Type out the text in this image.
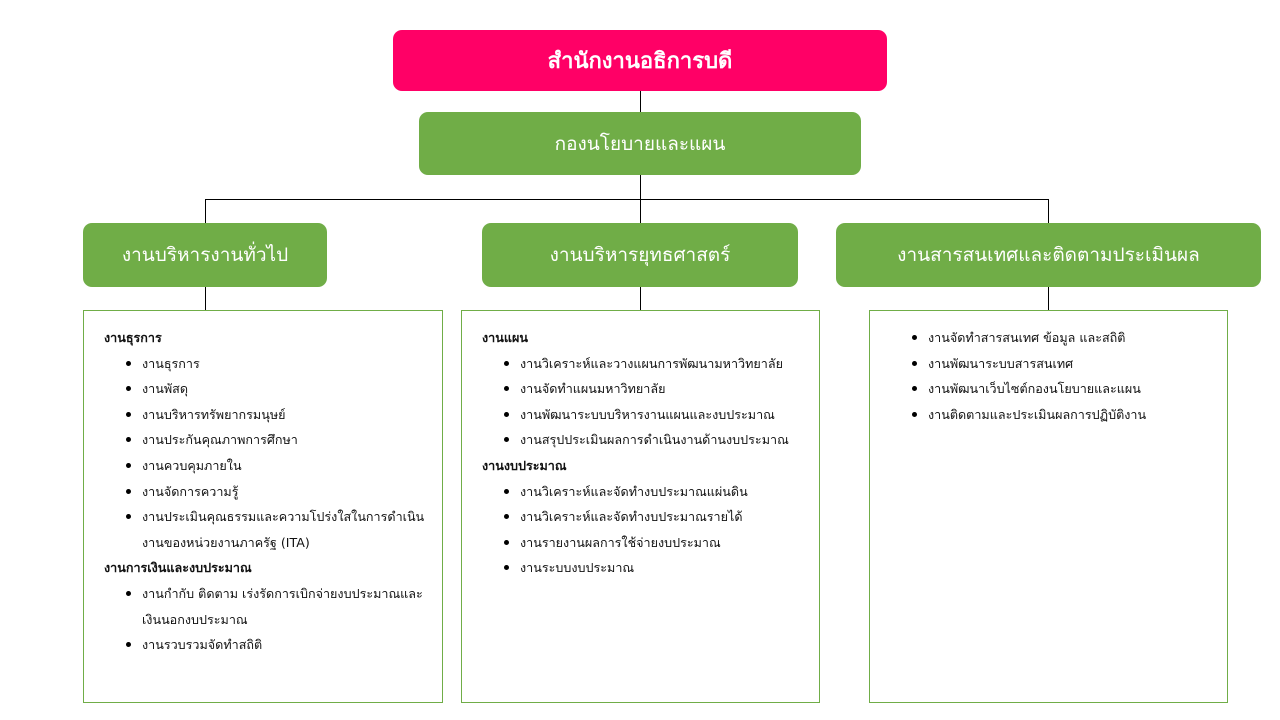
สำนักงานอธิการบดี
กองนโยบายและแผน
งานบริหารงานทั่วไป	งานบริหารยุทธศาสตร์	งานสารสนเทศและติดตามประเมินผล
งานธุรการ
งานธุรการ
งานพัสดุ
งานบริหารทรัพยากรมนุษย์
งานประกันคุณภาพการศึกษา
งานควบคุมภายใน
งานจัดการความรู้
งานประเมินคุณธรรมและความโปร่งใสในการดำเนินงานของหน่วยงานภาครัฐ (ITA)
งานการเงินและงบประมาณ
งานกำกับ ติดตาม เร่งรัดการเบิกจ่ายงบประมาณและเงินนอกงบประมาณ
งานรวบรวมจัดทำสถิติ
งานแผน
งานวิเคราะห์และวางแผนการพัฒนามหาวิทยาลัย
งานจัดทำแผนมหาวิทยาลัย
งานพัฒนาระบบบริหารงานแผนและงบประมาณ
งานสรุปประเมินผลการดำเนินงานด้านงบประมาณ
งานงบประมาณ
งานวิเคราะห์และจัดทำงบประมาณแผ่นดิน
งานวิเคราะห์และจัดทำงบประมาณรายได้
งานรายงานผลการใช้จ่ายงบประมาณ
งานระบบงบประมาณ
งานจัดทำสารสนเทศ ข้อมูล และสถิติ
งานพัฒนาระบบสารสนเทศ
งานพัฒนาเว็บไซต์กองนโยบายและแผน
งานติดตามและประเมินผลการปฏิบัติงาน
